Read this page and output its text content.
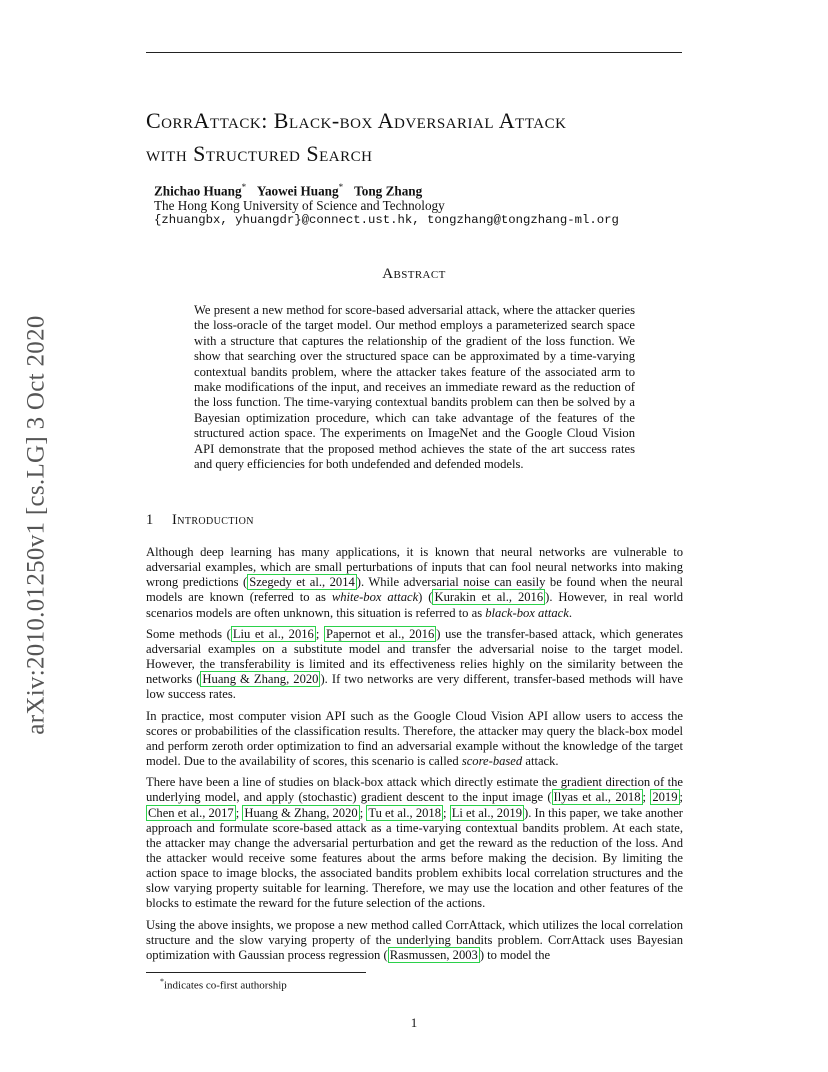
arXiv:2010.01250v1 [cs.LG] 3 Oct 2020
CorrAttack: Black-box Adversarial Attack
with Structured Search
Zhichao Huang* Yaowei Huang* Tong Zhang
The Hong Kong University of Science and Technology
{zhuangbx, yhuangdr}@connect.ust.hk, tongzhang@tongzhang-ml.org
Abstract
We present a new method for score-based adversarial attack, where the attacker queries the loss-oracle of the target model. Our method employs a parameterized search space with a structure that captures the relationship of the gradient of the loss function. We show that searching over the structured space can be approximated by a time-varying contextual bandits problem, where the attacker takes feature of the associated arm to make modifications of the input, and receives an immediate reward as the reduction of the loss function. The time-varying contextual bandits problem can then be solved by a Bayesian optimization procedure, which can take advantage of the features of the structured action space. The experiments on ImageNet and the Google Cloud Vision API demonstrate that the proposed method achieves the state of the art success rates and query efficiencies for both undefended and defended models.
1 Introduction

Although deep learning has many applications, it is known that neural networks are vulnerable to adversarial examples, which are small perturbations of inputs that can fool neural networks into making wrong predictions ( Szegedy et al., 2014 ). While adversarial noise can easily be found when the neural models are known (referred to as white-box attack) ( Kurakin et al., 2016 ). However, in real world scenarios models are often unknown, this situation is referred to as black-box attack.

Some methods ( Liu et al., 2016 ; Papernot et al., 2016 ) use the transfer-based attack, which generates adversarial examples on a substitute model and transfer the adversarial noise to the target model. However, the transferability is limited and its effectiveness relies highly on the similarity between the networks ( Huang & Zhang, 2020 ). If two networks are very different, transfer-based methods will have low success rates.

In practice, most computer vision API such as the Google Cloud Vision API allow users to access the scores or probabilities of the classification results. Therefore, the attacker may query the black-box model and perform zeroth order optimization to find an adversarial example without the knowledge of the target model. Due to the availability of scores, this scenario is called score-based attack.

There have been a line of studies on black-box attack which directly estimate the gradient direction of the underlying model, and apply (stochastic) gradient descent to the input image ( Ilyas et al., 2018 ; 2019 ; Chen et al., 2017 ; Huang & Zhang, 2020 ; Tu et al., 2018 ; Li et al., 2019 ). In this paper, we take another approach and formulate score-based attack as a time-varying contextual bandits problem. At each state, the attacker may change the adversarial perturbation and get the reward as the reduction of the loss. And the attacker would receive some features about the arms before making the decision. By limiting the action space to image blocks, the associated bandits problem exhibits local correlation structures and the slow varying property suitable for learning. Therefore, we may use the location and other features of the blocks to estimate the reward for the future selection of the actions.

Using the above insights, we propose a new method called CorrAttack, which utilizes the local correlation structure and the slow varying property of the underlying bandits problem. CorrAttack uses Bayesian optimization with Gaussian process regression ( Rasmussen, 2003 ) to model the

*indicates co-first authorship
1
